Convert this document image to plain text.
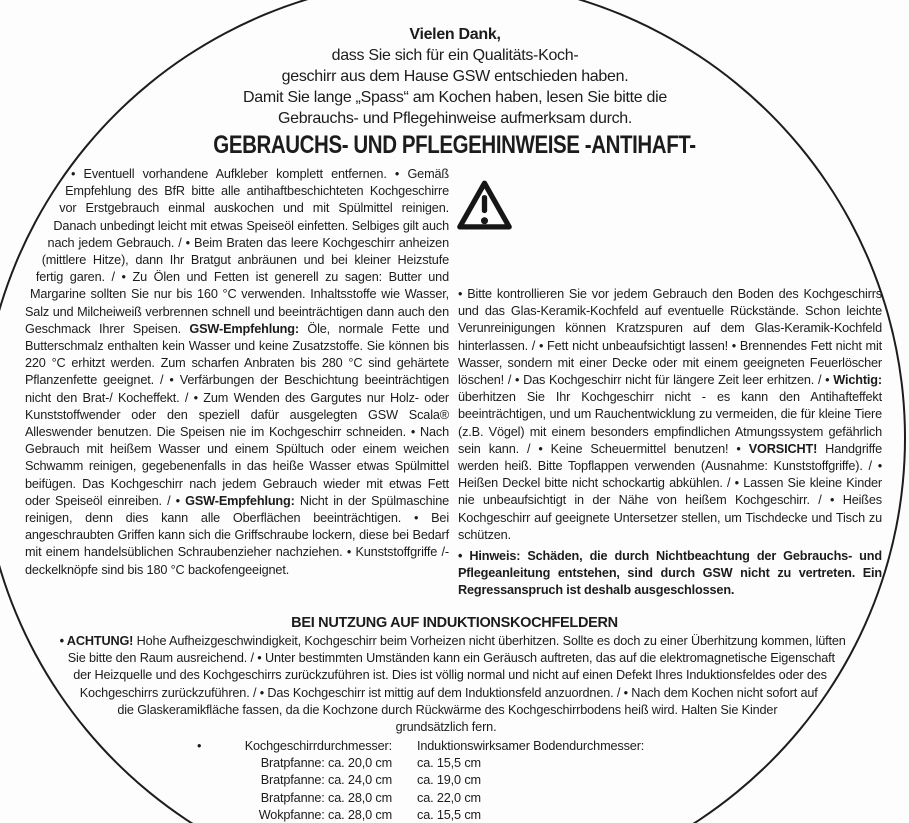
Vielen Dank,
dass Sie sich für ein Qualitäts-Koch-
geschirr aus dem Hause GSW entschieden haben.
Damit Sie lange „Spass“ am Kochen haben, lesen Sie bitte die
Gebrauchs- und Pflegehinweise aufmerksam durch.
GEBRAUCHS- UND PFLEGEHINWEISE -ANTIHAFT-
• Eventuell vorhandene Aufkleber komplett entfernen. • Gemäß Empfehlung des BfR bitte alle antihaftbeschichteten Kochgeschirre vor Erstgebrauch einmal auskochen und mit Spülmittel reinigen. Danach unbedingt leicht mit etwas Speiseöl einfetten. Selbiges gilt auch nach jedem Gebrauch. / • Beim Braten das leere Kochgeschirr anheizen (mittlere Hitze), dann Ihr Bratgut anbräunen und bei kleiner Heizstufe fertig garen. / • Zu Ölen und Fetten ist generell zu sagen: Butter und Margarine sollten Sie nur bis 160 °C verwenden. Inhaltsstoffe wie Wasser, Salz und Milcheiweiß verbrennen schnell und beeinträchtigen dann auch den Geschmack Ihrer Speisen. GSW-Empfehlung: Öle, normale Fette und Butterschmalz enthalten kein Wasser und keine Zusatzstoffe. Sie können bis 220 °C erhitzt werden. Zum scharfen Anbraten bis 280 °C sind gehärtete Pflanzenfette geeignet. / • Verfärbungen der Beschichtung beeinträchtigen nicht den Brat-/ Kocheffekt. / • Zum Wenden des Gargutes nur Holz- oder Kunststoffwender oder den speziell dafür ausgelegten GSW Scala® Alleswender benutzen. Die Speisen nie im Kochgeschirr schneiden. • Nach Gebrauch mit heißem Wasser und einem Spültuch oder einem weichen Schwamm reinigen, gegebenenfalls in das heiße Wasser etwas Spülmittel beifügen. Das Kochgeschirr nach jedem Gebrauch wieder mit etwas Fett oder Speiseöl einreiben. / • GSW-Empfehlung: Nicht in der Spülmaschine reinigen, denn dies kann alle Oberflächen beeinträchtigen. • Bei angeschraubten Griffen kann sich die Griffschraube lockern, diese bei Bedarf mit einem handelsüblichen Schraubenzieher nachziehen. • Kunststoffgriffe /-deckelknöpfe sind bis 180 °C backofengeeignet.
• Bitte kontrollieren Sie vor jedem Gebrauch den Boden des Kochgeschirrs und das Glas-Keramik-Kochfeld auf eventuelle Rückstände. Schon leichte Verunreinigungen können Kratzspuren auf dem Glas-Keramik-Kochfeld hinterlassen. / • Fett nicht unbeaufsichtigt lassen! • Brennendes Fett nicht mit Wasser, sondern mit einer Decke oder mit einem geeigneten Feuerlöscher löschen! / • Das Kochgeschirr nicht für längere Zeit leer erhitzen. / • Wichtig: überhitzen Sie Ihr Kochgeschirr nicht - es kann den Antihafteffekt beeinträchtigen, und um Rauchentwicklung zu vermeiden, die für kleine Tiere (z.B. Vögel) mit einem besonders empfindlichen Atmungssystem gefährlich sein kann. / • Keine Scheuermittel benutzen! • VORSICHT! Handgriffe werden heiß. Bitte Topflappen verwenden (Ausnahme: Kunststoffgriffe). / • Heißen Deckel bitte nicht schockartig abkühlen. / • Lassen Sie kleine Kinder nie unbeaufsichtigt in der Nähe von heißem Kochgeschirr. / • Heißes Kochgeschirr auf geeignete Untersetzer stellen, um Tischdecke und Tisch zu schützen.

• Hinweis: Schäden, die durch Nichtbeachtung der Gebrauchs- und Pflegeanleitung entstehen, sind durch GSW nicht zu vertreten. Ein Regressanspruch ist deshalb ausgeschlossen.

BEI NUTZUNG AUF INDUKTIONSKOCHFELDERN
• ACHTUNG! Hohe Aufheizgeschwindigkeit, Kochgeschirr beim Vorheizen nicht überhitzen. Sollte es doch zu einer Überhitzung kommen, lüften Sie bitte den Raum ausreichend. / • Unter bestimmten Umständen kann ein Geräusch auftreten, das auf die elektromagnetische Eigenschaft der Heizquelle und des Kochgeschirrs zurückzuführen ist. Dies ist völlig normal und nicht auf einen Defekt Ihres Induktionsfeldes oder des Kochgeschirrs zurückzuführen. / • Das Kochgeschirr ist mittig auf dem Induktionsfeld anzuordnen. / • Nach dem Kochen nicht sofort auf die Glaskeramikfläche fassen, da die Kochzone durch Rückwärme des Kochgeschirrbodens heiß wird. Halten Sie Kinder grundsätzlich fern.
•	Kochgeschirrdurchmesser: Induktionswirksamer Bodendurchmesser:
Bratpfanne: ca. 20,0 cm ca. 15,5 cm
Bratpfanne: ca. 24,0 cm ca. 19,0 cm
Bratpfanne: ca. 28,0 cm ca. 22,0 cm
Wokpfanne: ca. 28,0 cm ca. 15,5 cm
